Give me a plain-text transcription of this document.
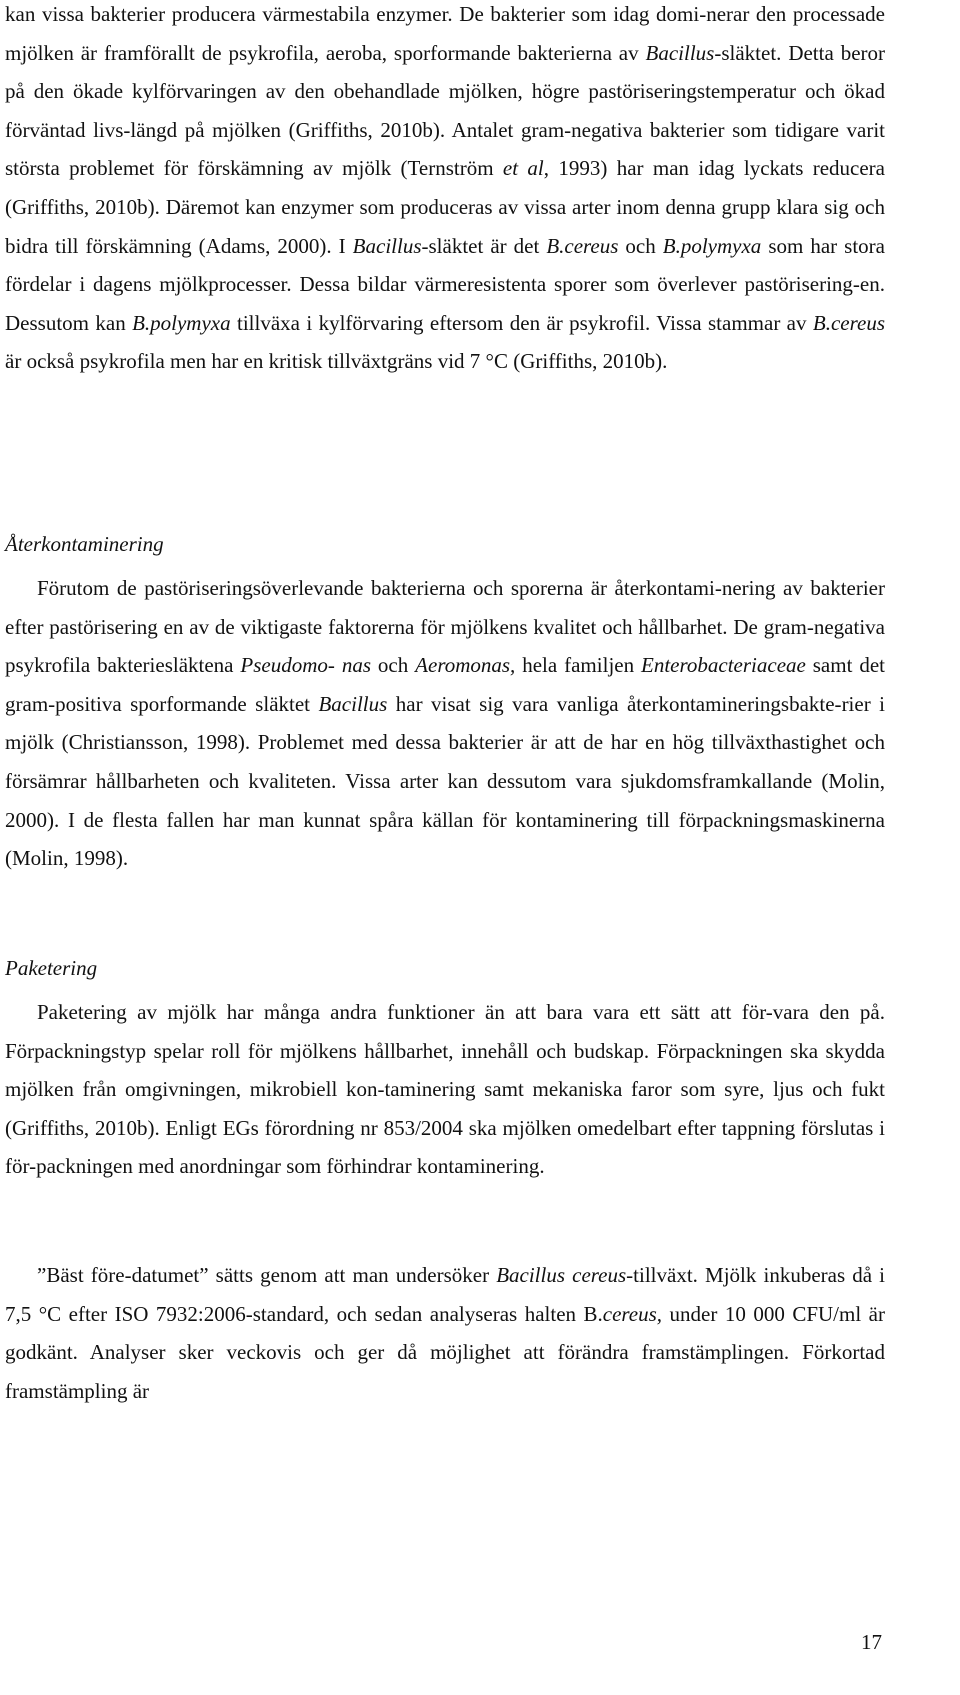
kan vissa bakterier producera värmestabila enzymer. De bakterier som idag domi-nerar den processade mjölken är framförallt de psykrofila, aeroba, sporformande bakterierna av Bacillus-släktet. Detta beror på den ökade kylförvaringen av den obehandlade mjölken, högre pastöriseringstemperatur och ökad förväntad livs-längd på mjölken (Griffiths, 2010b). Antalet gram-negativa bakterier som tidigare varit största problemet för förskämning av mjölk (Ternström et al, 1993) har man idag lyckats reducera (Griffiths, 2010b). Däremot kan enzymer som produceras av vissa arter inom denna grupp klara sig och bidra till förskämning (Adams, 2000). I Bacillus-släktet är det B.cereus och B.polymyxa som har stora fördelar i dagens mjölkprocesser. Dessa bildar värmeresistenta sporer som överlever pastörisering-en. Dessutom kan B.polymyxa tillväxa i kylförvaring eftersom den är psykrofil. Vissa stammar av B.cereus är också psykrofila men har en kritisk tillväxtgräns vid 7 °C (Griffiths, 2010b).

Återkontaminering

Förutom de pastöriseringsöverlevande bakterierna och sporerna är återkontami-nering av bakterier efter pastörisering en av de viktigaste faktorerna för mjölkens kvalitet och hållbarhet. De gram-negativa psykrofila bakteriesläktena Pseudomo- nas och Aeromonas, hela familjen Enterobacteriaceae samt det gram-positiva sporformande släktet Bacillus har visat sig vara vanliga återkontamineringsbakte-rier i mjölk (Christiansson, 1998). Problemet med dessa bakterier är att de har en hög tillväxthastighet och försämrar hållbarheten och kvaliteten. Vissa arter kan dessutom vara sjukdomsframkallande (Molin, 2000). I de flesta fallen har man kunnat spåra källan för kontaminering till förpackningsmaskinerna (Molin, 1998).

Paketering

Paketering av mjölk har många andra funktioner än att bara vara ett sätt att för-vara den på. Förpackningstyp spelar roll för mjölkens hållbarhet, innehåll och budskap. Förpackningen ska skydda mjölken från omgivningen, mikrobiell kon-taminering samt mekaniska faror som syre, ljus och fukt (Griffiths, 2010b). Enligt EGs förordning nr 853/2004 ska mjölken omedelbart efter tappning förslutas i för-packningen med anordningar som förhindrar kontaminering.

”Bäst före-datumet” sätts genom att man undersöker Bacillus cereus-tillväxt. Mjölk inkuberas då i 7,5 °C efter ISO 7932:2006-standard, och sedan analyseras halten B.cereus, under 10 000 CFU/ml är godkänt. Analyser sker veckovis och ger då möjlighet att förändra framstämplingen. Förkortad framstämpling är

17
